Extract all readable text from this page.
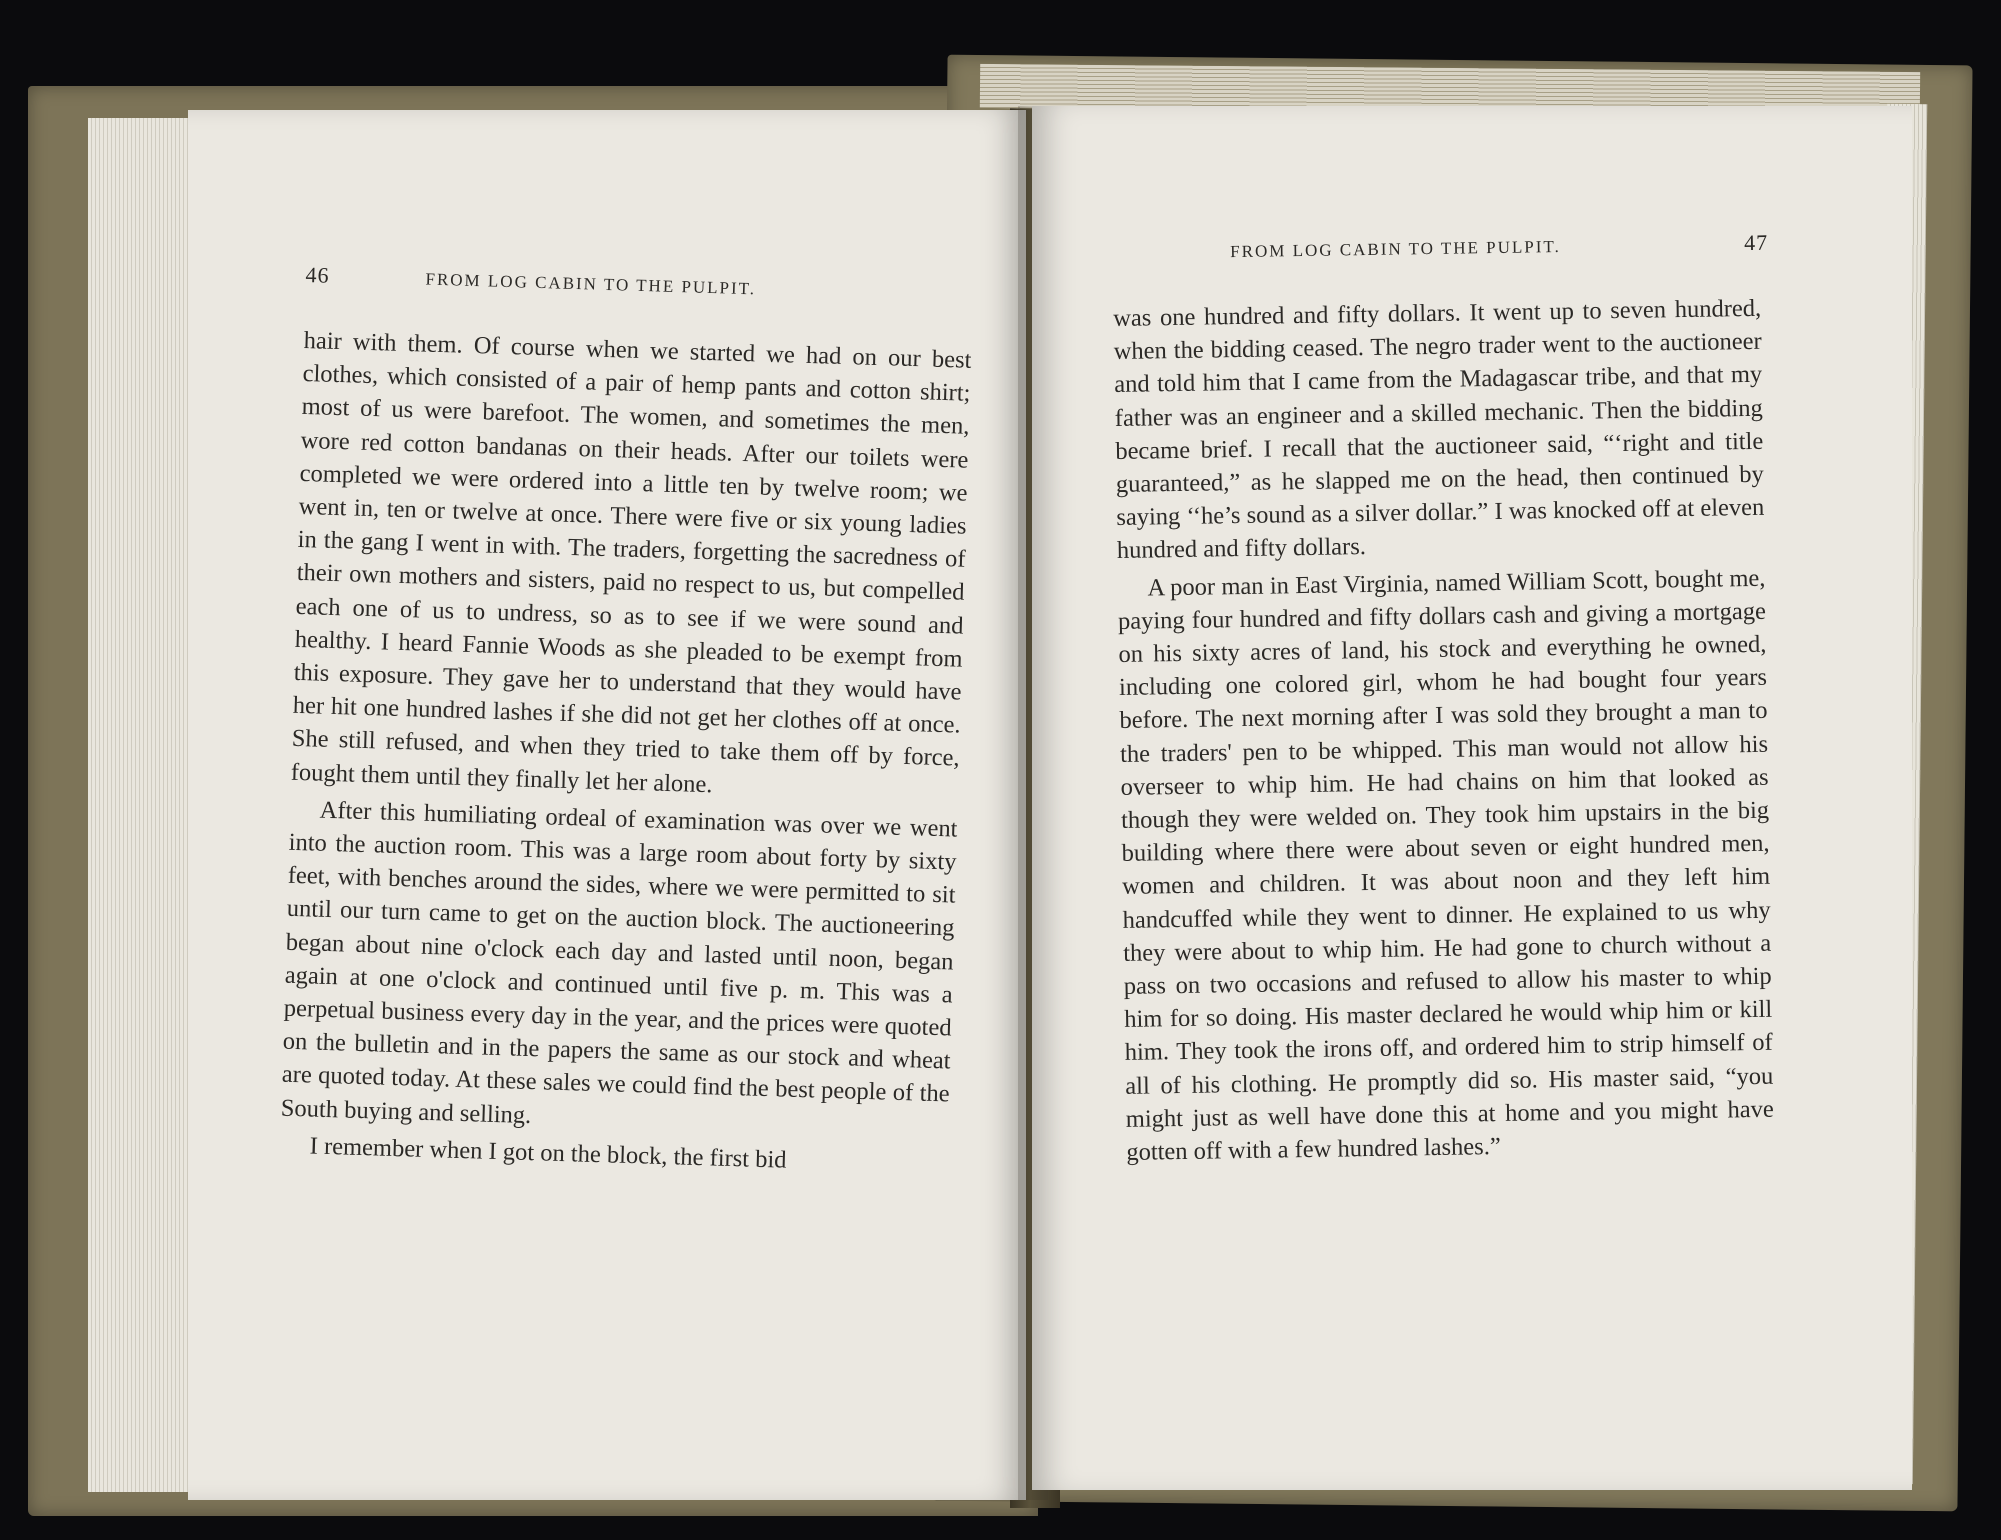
46	FROM LOG CABIN TO THE PULPIT.

hair with them. Of course when we started we had on our best clothes, which consisted of a pair of hemp pants and cotton shirt; most of us were barefoot. The women, and sometimes the men, wore red cotton bandanas on their heads. After our toilets were completed we were ordered into a little ten by twelve room; we went in, ten or twelve at once. There were five or six young ladies in the gang I went in with. The traders, forgetting the sacredness of their own mothers and sisters, paid no respect to us, but compelled each one of us to undress, so as to see if we were sound and healthy. I heard Fannie Woods as she pleaded to be exempt from this exposure. They gave her to understand that they would have her hit one hundred lashes if she did not get her clothes off at once. She still refused, and when they tried to take them off by force, fought them until they finally let her alone.

After this humiliating ordeal of examination was over we went into the auction room. This was a large room about forty by sixty feet, with benches around the sides, where we were permitted to sit until our turn came to get on the auction block. The auctioneering began about nine o'clock each day and lasted until noon, began again at one o'clock and continued until five p. m. This was a perpetual business every day in the year, and the prices were quoted on the bulletin and in the papers the same as our stock and wheat are quoted today. At these sales we could find the best people of the South buying and selling.

I remember when I got on the block, the first bid

FROM LOG CABIN TO THE PULPIT.	47

was one hundred and fifty dollars. It went up to seven hundred, when the bidding ceased. The negro trader went to the auctioneer and told him that I came from the Madagascar tribe, and that my father was an engineer and a skilled mechanic. Then the bidding became brief. I recall that the auctioneer said, “‘right and title guaranteed,” as he slapped me on the head, then continued by saying ‘‘he’s sound as a silver dollar.” I was knocked off at eleven hundred and fifty dollars.

A poor man in East Virginia, named William Scott, bought me, paying four hundred and fifty dollars cash and giving a mortgage on his sixty acres of land, his stock and everything he owned, including one colored girl, whom he had bought four years before. The next morning after I was sold they brought a man to the traders' pen to be whipped. This man would not allow his overseer to whip him. He had chains on him that looked as though they were welded on. They took him upstairs in the big building where there were about seven or eight hundred men, women and children. It was about noon and they left him handcuffed while they went to dinner. He explained to us why they were about to whip him. He had gone to church without a pass on two occasions and refused to allow his master to whip him for so doing. His master declared he would whip him or kill him. They took the irons off, and ordered him to strip himself of all of his clothing. He promptly did so. His master said, “you might just as well have done this at home and you might have gotten off with a few hundred lashes.”
